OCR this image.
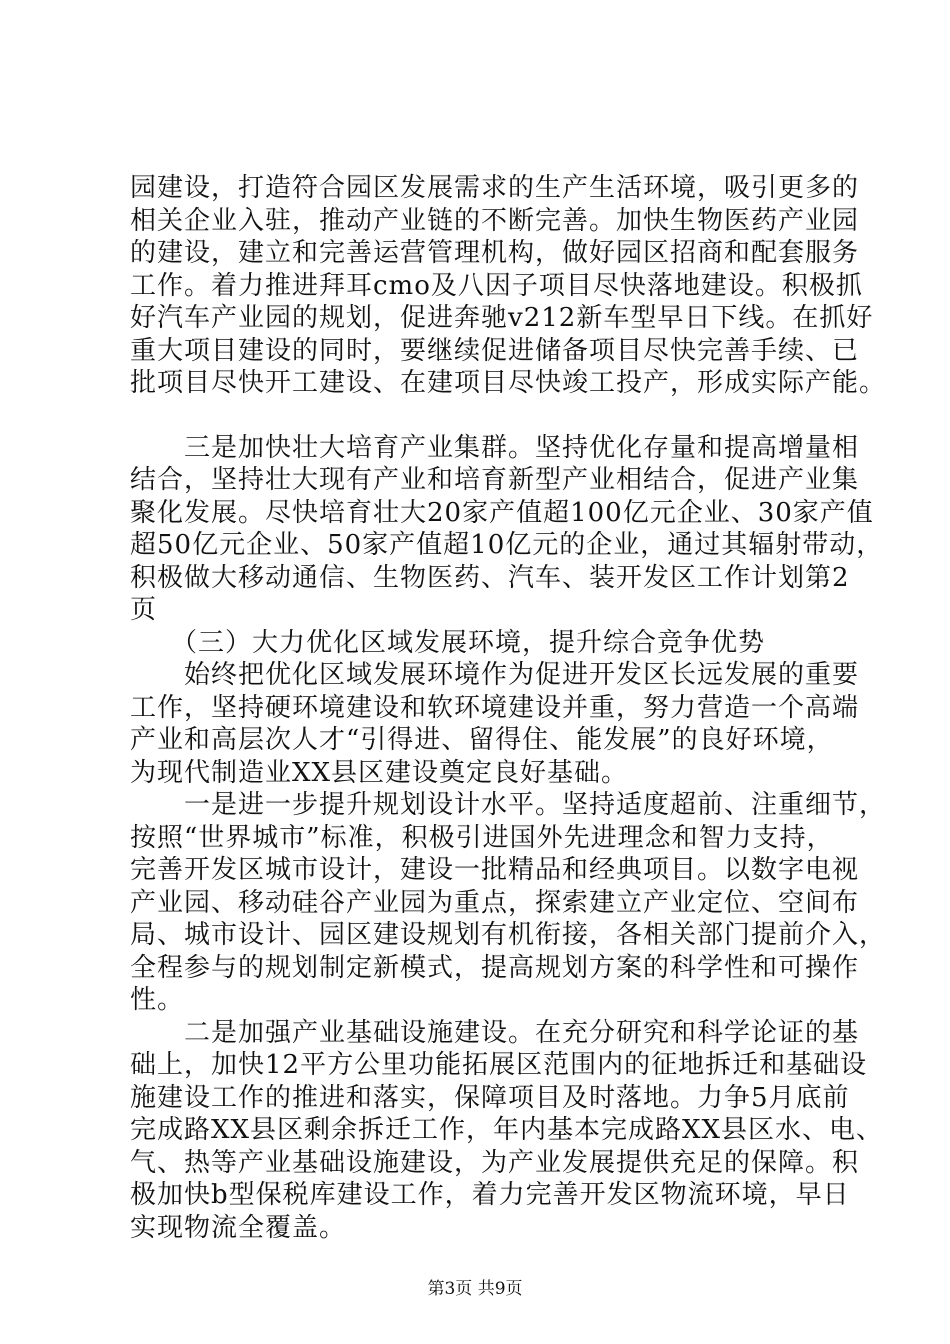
园建设，打造符合园区发展需求的生产生活环境，吸引更多的
相关企业入驻，推动产业链的不断完善。加快生物医药产业园
的建设，建立和完善运营管理机构，做好园区招商和配套服务
工作。着力推进拜耳cmo及八因子项目尽快落地建设。积极抓
好汽车产业园的规划，促进奔驰v212新车型早日下线。在抓好
重大项目建设的同时，要继续促进储备项目尽快完善手续、已
批项目尽快开工建设、在建项目尽快竣工投产，形成实际产能。

　　三是加快壮大培育产业集群。坚持优化存量和提高增量相
结合，坚持壮大现有产业和培育新型产业相结合，促进产业集
聚化发展。尽快培育壮大20家产值超100亿元企业、30家产值
超50亿元企业、50家产值超10亿元的企业，通过其辐射带动，
积极做大移动通信、生物医药、汽车、装开发区工作计划第2
页

　　（三）大力优化区域发展环境，提升综合竞争优势

　　始终把优化区域发展环境作为促进开发区长远发展的重要
工作，坚持硬环境建设和软环境建设并重，努力营造一个高端
产业和高层次人才“引得进、留得住、能发展”的良好环境，
为现代制造业XX县区建设奠定良好基础。

　　一是进一步提升规划设计水平。坚持适度超前、注重细节，
按照“世界城市”标准，积极引进国外先进理念和智力支持，
完善开发区城市设计，建设一批精品和经典项目。以数字电视
产业园、移动硅谷产业园为重点，探索建立产业定位、空间布
局、城市设计、园区建设规划有机衔接，各相关部门提前介入，
全程参与的规划制定新模式，提高规划方案的科学性和可操作
性。

　　二是加强产业基础设施建设。在充分研究和科学论证的基
础上，加快12平方公里功能拓展区范围内的征地拆迁和基础设
施建设工作的推进和落实，保障项目及时落地。力争5月底前
完成路XX县区剩余拆迁工作，年内基本完成路XX县区水、电、
气、热等产业基础设施建设，为产业发展提供充足的保障。积
极加快b型保税库建设工作，着力完善开发区物流环境，早日
实现物流全覆盖。

第3页 共9页
